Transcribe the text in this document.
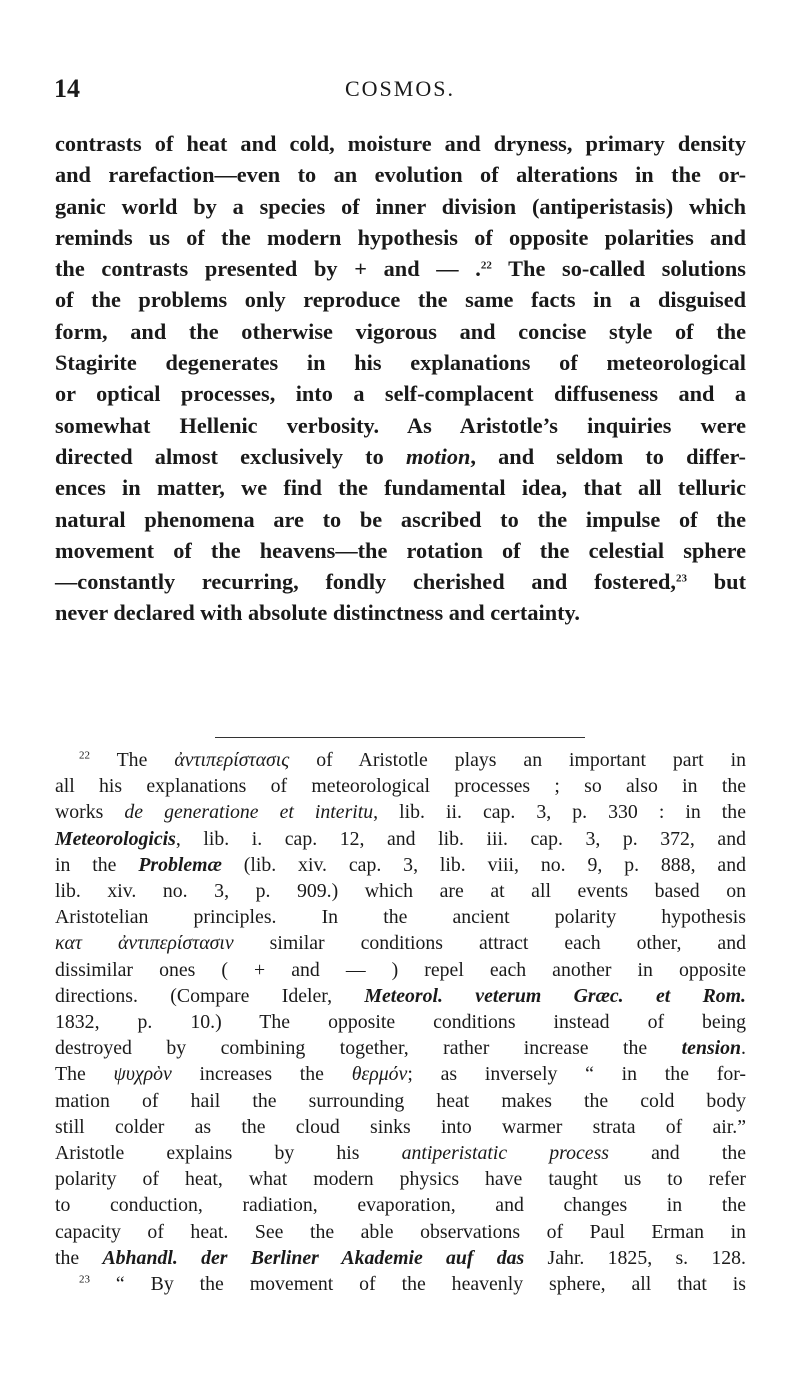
14	COSMOS.
contrasts of heat and cold, moisture and dryness, primary density
and rarefaction—even to an evolution of alterations in the or-
ganic world by a species of inner division (antiperistasis) which
reminds us of the modern hypothesis of opposite polarities and
the contrasts presented by + and — .$^{22}$ The so-called solutions
of the problems only reproduce the same facts in a disguised
form, and the otherwise vigorous and concise style of the
Stagirite degenerates in his explanations of meteorological
or optical processes, into a self-complacent diffuseness and a
somewhat Hellenic verbosity. As Aristotle’s inquiries were
directed almost exclusively to motion, and seldom to differ-
ences in matter, we find the fundamental idea, that all telluric
natural phenomena are to be ascribed to the impulse of the
movement of the heavens—the rotation of the celestial sphere
—constantly recurring, fondly cherished and fostered,$^{23}$ but
never declared with absolute distinctness and certainty.
$^{22}$ The ἀντιπερίστασις of Aristotle plays an important part in
all his explanations of meteorological processes ; so also in the
works de generatione et interitu, lib. ii. cap. 3, p. 330 : in the
Meteorologicis, lib. i. cap. 12, and lib. iii. cap. 3, p. 372, and
in the Problemæ (lib. xiv. cap. 3, lib. viii, no. 9, p. 888, and
lib. xiv. no. 3, p. 909.) which are at all events based on
Aristotelian principles. In the ancient polarity hypothesis
κατ ἀντιπερίστασιν similar conditions attract each other, and
dissimilar ones ( + and — ) repel each another in opposite
directions. (Compare Ideler, Meteorol. veterum Græc. et Rom.
1832, p. 10.) The opposite conditions instead of being
destroyed by combining together, rather increase the tension.
The ψυχρὸν increases the θερμόν; as inversely “ in the for-
mation of hail the surrounding heat makes the cold body
still colder as the cloud sinks into warmer strata of air.”
Aristotle explains by his antiperistatic process and the
polarity of heat, what modern physics have taught us to refer
to conduction, radiation, evaporation, and changes in the
capacity of heat. See the able observations of Paul Erman in
the Abhandl. der Berliner Akademie auf das Jahr. 1825, s. 128.
$^{23}$ “ By the movement of the heavenly sphere, all that is
